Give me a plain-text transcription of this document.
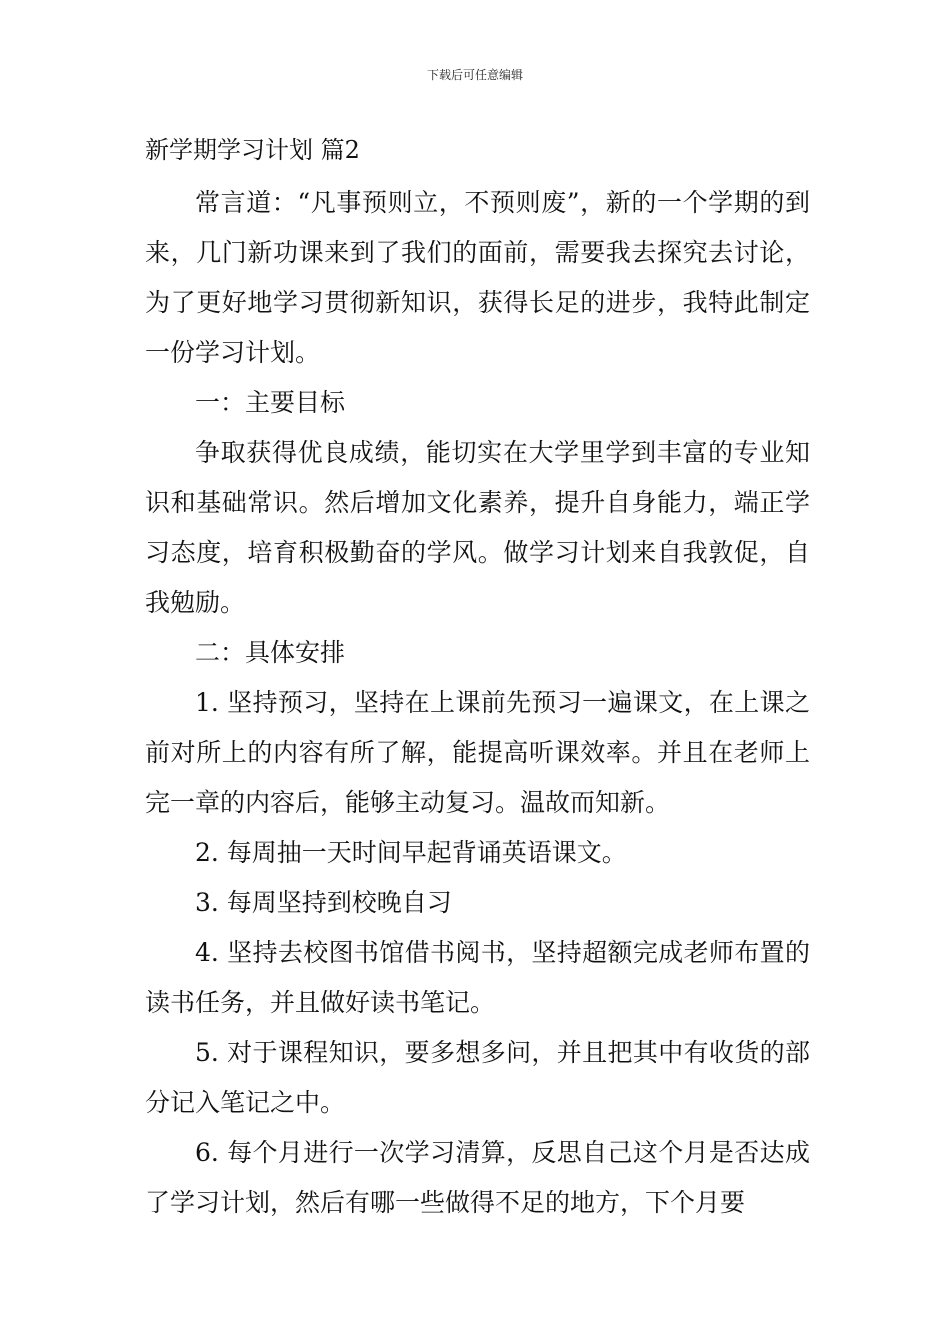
下载后可任意编辑
新学期学习计划 篇2

常言道：“凡事预则立，不预则废”，新的一个学期的到来，几门新功课来到了我们的面前，需要我去探究去讨论，为了更好地学习贯彻新知识，获得长足的进步，我特此制定一份学习计划。

一：主要目标

争取获得优良成绩，能切实在大学里学到丰富的专业知识和基础常识。然后增加文化素养，提升自身能力，端正学习态度，培育积极勤奋的学风。做学习计划来自我敦促，自我勉励。

二：具体安排

1. 坚持预习，坚持在上课前先预习一遍课文，在上课之前对所上的内容有所了解，能提高听课效率。并且在老师上完一章的内容后，能够主动复习。温故而知新。

2. 每周抽一天时间早起背诵英语课文。

3. 每周坚持到校晚自习

4. 坚持去校图书馆借书阅书，坚持超额完成老师布置的读书任务，并且做好读书笔记。

5. 对于课程知识，要多想多问，并且把其中有收货的部分记入笔记之中。

6. 每个月进行一次学习清算，反思自己这个月是否达成了学习计划，然后有哪一些做得不足的地方，下个月要
